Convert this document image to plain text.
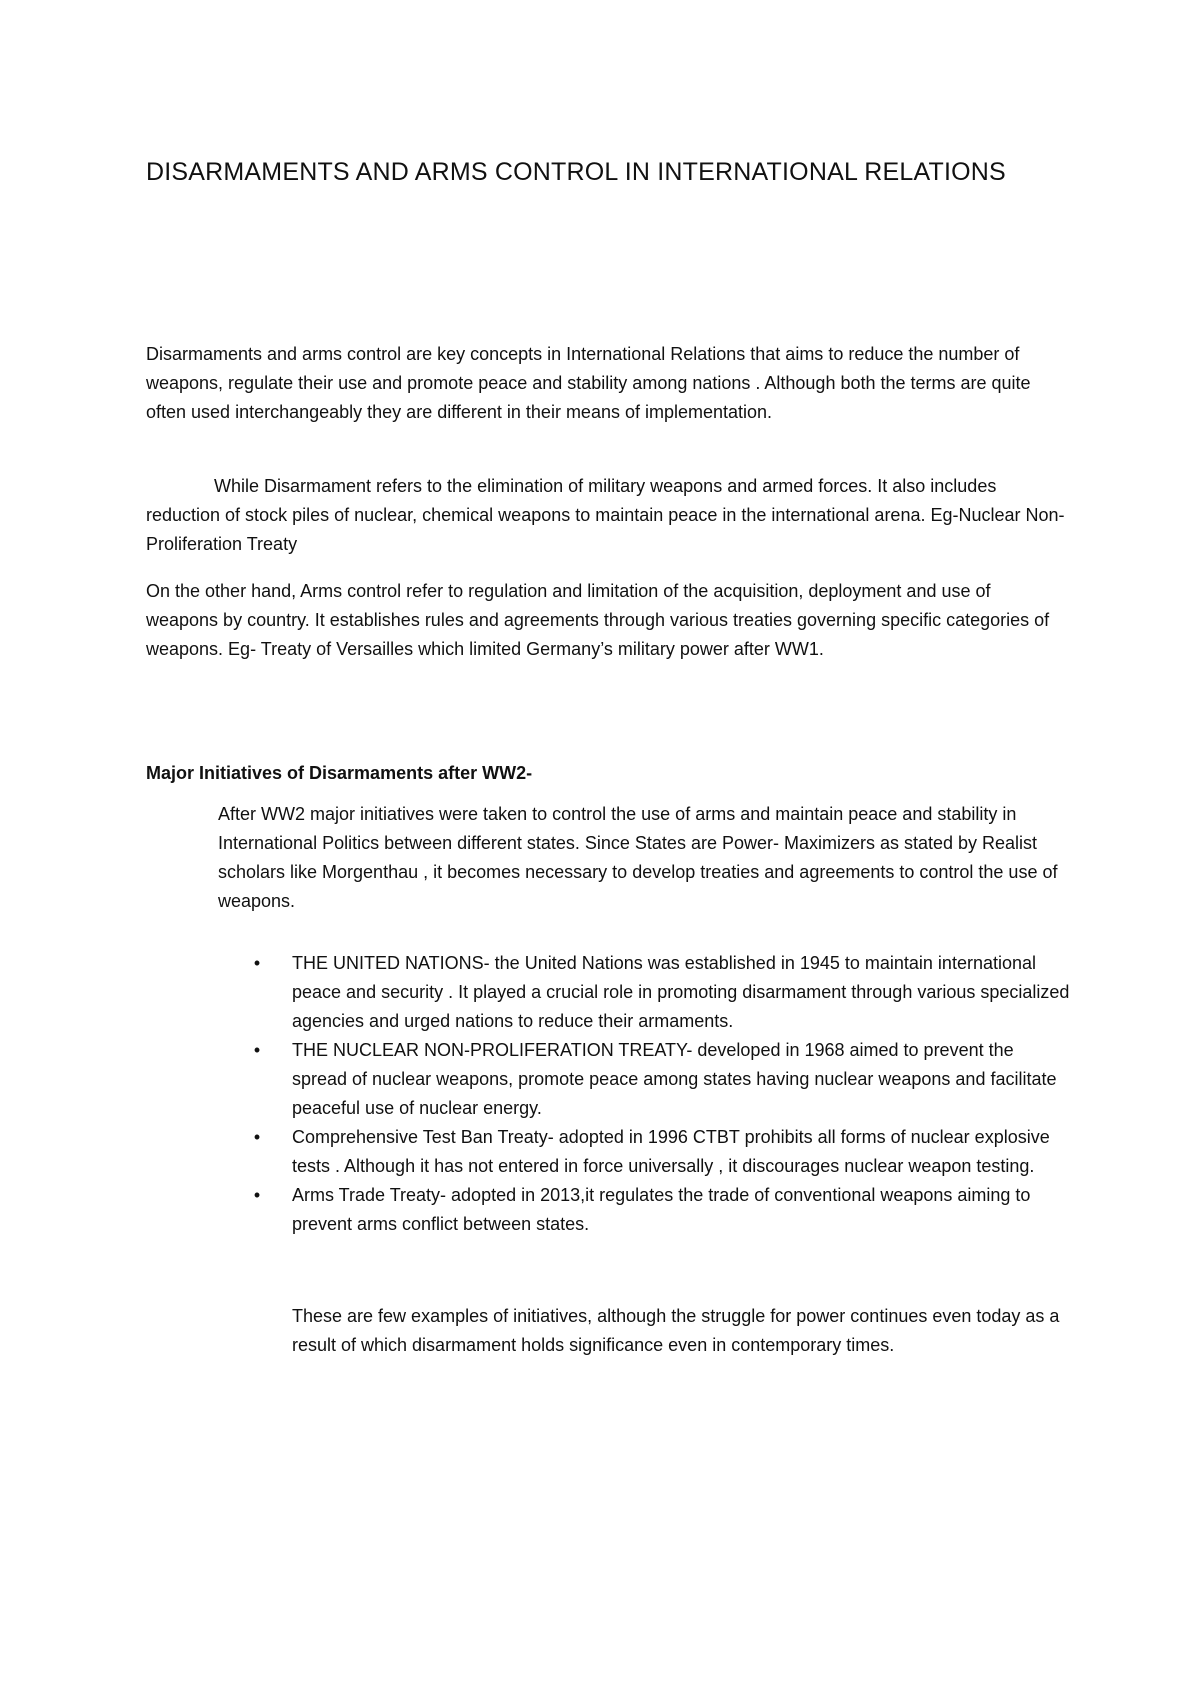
DISARMAMENTS AND ARMS CONTROL IN INTERNATIONAL RELATIONS

Disarmaments and arms control are key concepts in International Relations that aims to reduce the number of weapons, regulate their use and promote peace and stability among nations . Although both the terms are quite often used interchangeably they are different in their means of implementation.

While Disarmament refers to the elimination of military weapons and armed forces. It also includes reduction of stock piles of nuclear, chemical weapons to maintain peace in the international arena. Eg-Nuclear Non-Proliferation Treaty

On the other hand, Arms control refer to regulation and limitation of the acquisition, deployment and use of weapons by country. It establishes rules and agreements through various treaties governing specific categories of weapons. Eg- Treaty of Versailles which limited Germany’s military power after WW1.

Major Initiatives of Disarmaments after WW2-

After WW2 major initiatives were taken to control the use of arms and maintain peace and stability in International Politics between different states. Since States are Power- Maximizers as stated by Realist scholars like Morgenthau , it becomes necessary to develop treaties and agreements to control the use of weapons.

• THE UNITED NATIONS- the United Nations was established in 1945 to maintain international peace and security . It played a crucial role in promoting disarmament through various specialized agencies and urged nations to reduce their armaments.
• THE NUCLEAR NON-PROLIFERATION TREATY- developed in 1968 aimed to prevent the spread of nuclear weapons, promote peace among states having nuclear weapons and facilitate peaceful use of nuclear energy.
• Comprehensive Test Ban Treaty- adopted in 1996 CTBT prohibits all forms of nuclear explosive tests . Although it has not entered in force universally , it discourages nuclear weapon testing.
• Arms Trade Treaty- adopted in 2013,it regulates the trade of conventional weapons aiming to prevent arms conflict between states.

These are few examples of initiatives, although the struggle for power continues even today as a result of which disarmament holds significance even in contemporary times.
